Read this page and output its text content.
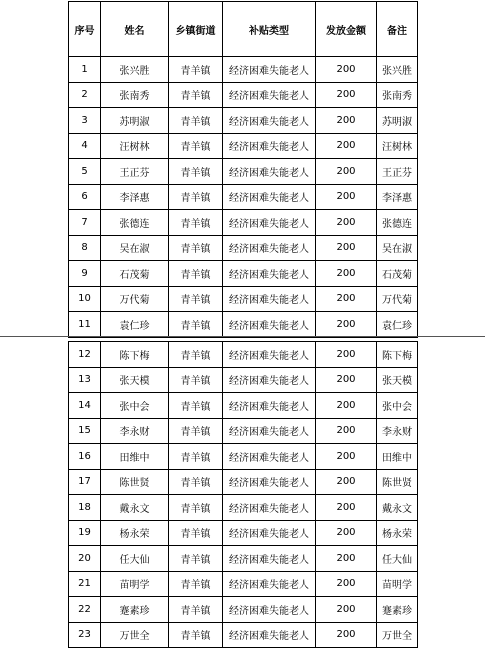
序号	姓名	乡镇街道	补贴类型	发放金额	备注
1	张兴胜	青羊镇	经济困难失能老人	200	张兴胜
2	张南秀	青羊镇	经济困难失能老人	200	张南秀
3	苏明淑	青羊镇	经济困难失能老人	200	苏明淑
4	汪树林	青羊镇	经济困难失能老人	200	汪树林
5	王正芬	青羊镇	经济困难失能老人	200	王正芬
6	李泽惠	青羊镇	经济困难失能老人	200	李泽惠
7	张德连	青羊镇	经济困难失能老人	200	张德连
8	吴在淑	青羊镇	经济困难失能老人	200	吴在淑
9	石茂菊	青羊镇	经济困难失能老人	200	石茂菊
10	万代菊	青羊镇	经济困难失能老人	200	万代菊
11	袁仁珍	青羊镇	经济困难失能老人	200	袁仁珍
12	陈下梅	青羊镇	经济困难失能老人	200	陈下梅
13	张天模	青羊镇	经济困难失能老人	200	张天模
14	张中会	青羊镇	经济困难失能老人	200	张中会
15	李永财	青羊镇	经济困难失能老人	200	李永财
16	田维中	青羊镇	经济困难失能老人	200	田维中
17	陈世贤	青羊镇	经济困难失能老人	200	陈世贤
18	戴永文	青羊镇	经济困难失能老人	200	戴永文
19	杨永荣	青羊镇	经济困难失能老人	200	杨永荣
20	任大仙	青羊镇	经济困难失能老人	200	任大仙
21	苗明学	青羊镇	经济困难失能老人	200	苗明学
22	蹇素珍	青羊镇	经济困难失能老人	200	蹇素珍
23	万世全	青羊镇	经济困难失能老人	200	万世全
